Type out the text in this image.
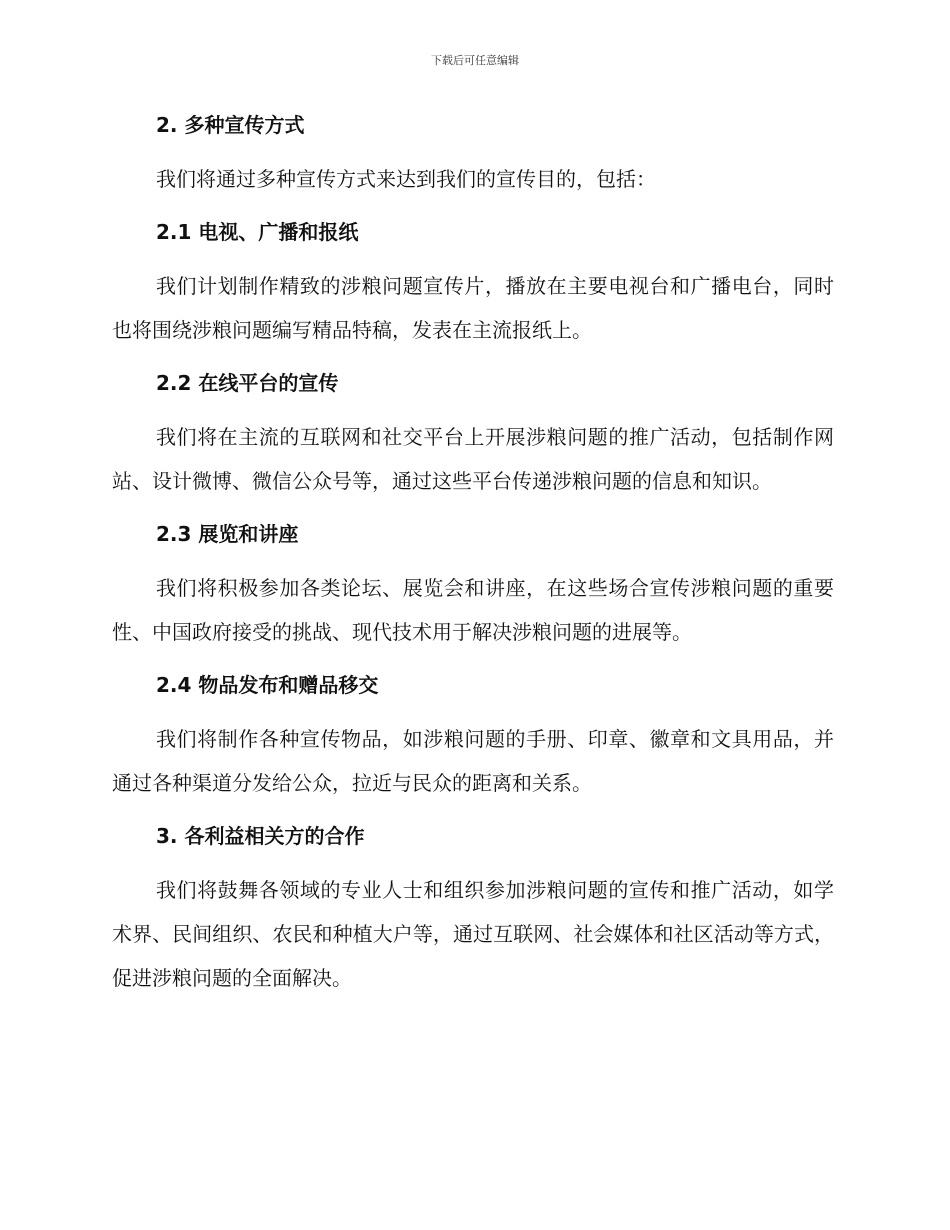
下载后可任意编辑
2. 多种宣传方式

我们将通过多种宣传方式来达到我们的宣传目的，包括：

2.1 电视、广播和报纸

我们计划制作精致的涉粮问题宣传片，播放在主要电视台和广播电台，同时也将围绕涉粮问题编写精品特稿，发表在主流报纸上。

2.2 在线平台的宣传

我们将在主流的互联网和社交平台上开展涉粮问题的推广活动，包括制作网站、设计微博、微信公众号等，通过这些平台传递涉粮问题的信息和知识。

2.3 展览和讲座

我们将积极参加各类论坛、展览会和讲座，在这些场合宣传涉粮问题的重要性、中国政府接受的挑战、现代技术用于解决涉粮问题的进展等。

2.4 物品发布和赠品移交

我们将制作各种宣传物品，如涉粮问题的手册、印章、徽章和文具用品，并通过各种渠道分发给公众，拉近与民众的距离和关系。

3. 各利益相关方的合作

我们将鼓舞各领域的专业人士和组织参加涉粮问题的宣传和推广活动，如学术界、民间组织、农民和种植大户等，通过互联网、社会媒体和社区活动等方式，促进涉粮问题的全面解决。
